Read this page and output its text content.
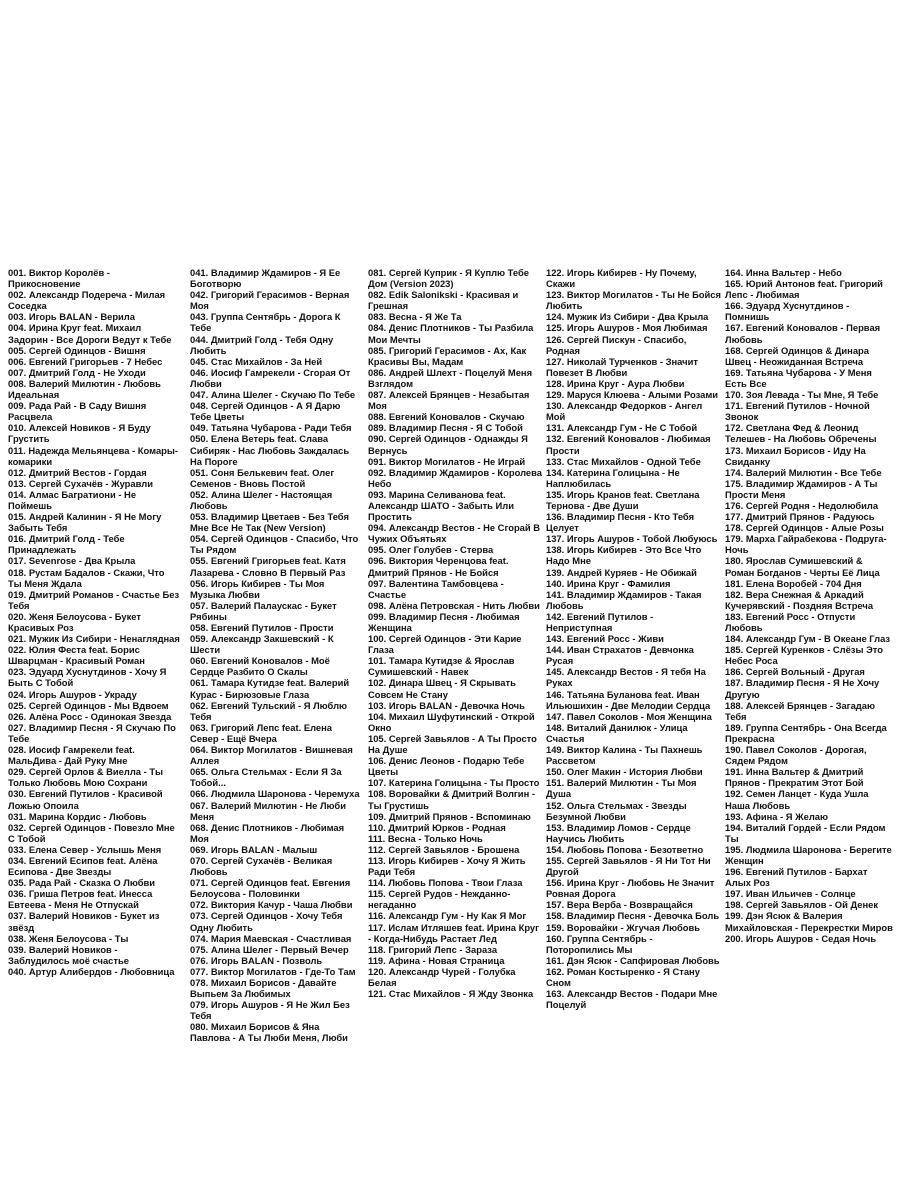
001. Виктор Королёв - Прикосновение

002. Александр Подереча - Милая Соседка

003. Игорь BALAN - Верила

004. Ирина Круг feat. Михаил Задорин - Все Дороги Ведут к Тебе

005. Сергей Одинцов - Вишня

006. Евгений Григорьев - 7 Небес

007. Дмитрий Голд - Не Уходи

008. Валерий Милютин - Любовь Идеальная

009. Рада Рай - В Саду Вишня Расцвела

010. Алексей Новиков - Я Буду Грустить

011. Надежда Мельянцева - Комары-комарики

012. Дмитрий Вестов - Гордая

013. Сергей Сухачёв - Журавли

014. Алмас Багратиони - Не Поймешь

015. Андрей Калинин - Я Не Могу Забыть Тебя

016. Дмитрий Голд - Тебе Принадлежать

017. Sevenrose - Два Крыла

018. Рустам Бадалов - Скажи, Что Ты Меня Ждала

019. Дмитрий Романов - Счастье Без Тебя

020. Женя Белоусова - Букет Красивых Роз

021. Мужик Из Сибири - Ненаглядная

022. Юлия Феста feat. Борис Шварцман - Красивый Роман

023. Эдуард Хуснутдинов - Хочу Я Быть С Тобой

024. Игорь Ашуров - Украду

025. Сергей Одинцов - Мы Вдвоем

026. Алёна Росс - Одинокая Звезда

027. Владимир Песня - Я Скучаю По Тебе

028. Иосиф Гамрекели feat. МальДива - Дай Руку Мне

029. Сергей Орлов & Виелла - Ты Только Любовь Мою Сохрани

030. Евгений Путилов - Красивой Ложью Опоила

031. Марина Кордис - Любовь

032. Сергей Одинцов - Повезло Мне С Тобой

033. Елена Север - Услышь Меня

034. Евгений Есипов feat. Алёна Есипова - Две Звезды

035. Рада Рай - Сказка О Любви

036. Гриша Петров feat. Инесса Евтеева - Меня Не Отпускай

037. Валерий Новиков - Букет из звёзд

038. Женя Белоусова - Ты

039. Валерий Новиков - Заблудилось моё счастье

040. Артур Алибердов - Любовница

041. Владимир Ждамиров - Я Ее Боготворю

042. Григорий Герасимов - Верная Моя

043. Группа Сентябрь - Дорога К Тебе

044. Дмитрий Голд - Тебя Одну Любить

045. Стас Михайлов - За Ней

046. Иосиф Гамрекели - Сгорая От Любви

047. Алина Шелег - Скучаю По Тебе

048. Сергей Одинцов - А Я Дарю Тебе Цветы

049. Татьяна Чубарова - Ради Тебя

050. Елена Ветерь feat. Слава Сибиряк - Нас Любовь Заждалась На Пороге

051. Соня Белькевич feat. Олег Семенов - Вновь Постой

052. Алина Шелег - Настоящая Любовь

053. Владимир Цветаев - Без Тебя Мне Все Не Так (New Version)

054. Сергей Одинцов - Спасибо, Что Ты Рядом

055. Евгений Григорьев feat. Катя Лазарева - Словно В Первый Раз

056. Игорь Кибирев - Ты Моя Музыка Любви

057. Валерий Палаускас - Букет Рябины

058. Евгений Путилов - Прости

059. Александр Закшевский - К Шести

060. Евгений Коновалов - Моё Сердце Разбито О Скалы

061. Тамара Кутидзе feat. Валерий Курас - Бирюзовые Глаза

062. Евгений Тульский - Я Люблю Тебя

063. Григорий Лепс feat. Елена Север - Ещё Вчера

064. Виктор Могилатов - Вишневая Аллея

065. Ольга Стельмах - Если Я За Тобой...

066. Людмила Шаронова - Черемуха

067. Валерий Милютин - Не Люби Меня

068. Денис Плотников - Любимая Моя

069. Игорь BALAN - Малыш

070. Сергей Сухачёв - Великая Любовь

071. Сергей Одинцов feat. Евгения Белоусова - Половинки

072. Виктория Качур - Чаша Любви

073. Сергей Одинцов - Хочу Тебя Одну Любить

074. Мария Маевская - Счастливая

075. Алина Шелег - Первый Вечер

076. Игорь BALAN - Позволь

077. Виктор Могилатов - Где-То Там

078. Михаил Борисов - Давайте Выпьем За Любимых

079. Игорь Ашуров - Я Не Жил Без Тебя

080. Михаил Борисов & Яна Павлова - А Ты Люби Меня, Люби

081. Сергей Куприк - Я Куплю Тебе Дом (Version 2023)

082. Edik Salonikski - Красивая и Грешная

083. Весна - Я Же Та

084. Денис Плотников - Ты Разбила Мои Мечты

085. Григорий Герасимов - Ах, Как Красивы Вы, Мадам

086. Андрей Шлехт - Поцелуй Меня Взглядом

087. Алексей Брянцев - Незабытая Моя

088. Евгений Коновалов - Скучаю

089. Владимир Песня - Я С Тобой

090. Сергей Одинцов - Однажды Я Вернусь

091. Виктор Могилатов - Не Играй

092. Владимир Ждамиров - Королева Небо

093. Марина Селиванова feat. Александр ШАТО - Забыть Или Простить

094. Александр Вестов - Не Сгорай В Чужих Объятьях

095. Олег Голубев - Стерва

096. Виктория Черенцова feat. Дмитрий Прянов - Не Бойся

097. Валентина Тамбовцева - Счастье

098. Алёна Петровская - Нить Любви

099. Владимир Песня - Любимая Женщина

100. Сергей Одинцов - Эти Карие Глаза

101. Тамара Кутидзе & Ярослав Сумишевский - Навек

102. Динара Швец - Я Скрывать Совсем Не Стану

103. Игорь BALAN - Девочка Ночь

104. Михаил Шуфутинский - Открой Окно

105. Сергей Завьялов - А Ты Просто На Душе

106. Денис Леонов - Подарю Тебе Цветы

107. Катерина Голицына - Ты Просто

108. Воровайки & Дмитрий Волгин - Ты Грустишь

109. Дмитрий Прянов - Вспоминаю

110. Дмитрий Юрков - Родная

111. Весна - Только Ночь

112. Сергей Завьялов - Брошена

113. Игорь Кибирев - Хочу Я Жить Ради Тебя

114. Любовь Попова - Твои Глаза

115. Сергей Рудов - Нежданно-негаданно

116. Александр Гум - Ну Как Я Мог

117. Ислам Итляшев feat. Ирина Круг - Когда-Нибудь Растает Лед

118. Григорий Лепс - Зараза

119. Афина - Новая Страница

120. Александр Чурей - Голубка Белая

121. Стас Михайлов - Я Жду Звонка

122. Игорь Кибирев - Ну Почему, Скажи

123. Виктор Могилатов - Ты Не Бойся Любить

124. Мужик Из Сибири - Два Крыла

125. Игорь Ашуров - Моя Любимая

126. Сергей Пискун - Спасибо, Родная

127. Николай Турченков - Значит Повезет В Любви

128. Ирина Круг - Аура Любви

129. Маруся Клюева - Алыми Розами

130. Александр Федорков - Ангел Мой

131. Александр Гум - Не С Тобой

132. Евгений Коновалов - Любимая Прости

133. Стас Михайлов - Одной Тебе

134. Катерина Голицына - Не Наплюбилась

135. Игорь Кранов feat. Светлана Тернова - Две Души

136. Владимир Песня - Кто Тебя Целует

137. Игорь Ашуров - Тобой Любуюсь

138. Игорь Кибирев - Это Все Что Надо Мне

139. Андрей Куряев - Не Обижай

140. Ирина Круг - Фамилия

141. Владимир Ждамиров - Такая Любовь

142. Евгений Путилов - Неприступная

143. Евгений Росс - Живи

144. Иван Страхатов - Девчонка Русая

145. Александр Вестов - Я тебя На Руках

146. Татьяна Буланова feat. Иван Ильюшихин - Две Мелодии Сердца

147. Павел Соколов - Моя Женщина

148. Виталий Данилюк - Улица Счастья

149. Виктор Калина - Ты Пахнешь Рассветом

150. Олег Макин - История Любви

151. Валерий Милютин - Ты Моя Душа

152. Ольга Стельмах - Звезды Безумной Любви

153. Владимир Ломов - Сердце Научись Любить

154. Любовь Попова - Безответно

155. Сергей Завьялов - Я Ни Тот Ни Другой

156. Ирина Круг - Любовь Не Значит Ровная Дорога

157. Вера Верба - Возвращайся

158. Владимир Песня - Девочка Боль

159. Воровайки - Жгучая Любовь

160. Группа Сентябрь - Поторопились Мы

161. Дэн Ясюк - Сапфировая Любовь

162. Роман Костыренко - Я Стану Сном

163. Александр Вестов - Подари Мне Поцелуй

164. Инна Вальтер - Небо

165. Юрий Антонов feat. Григорий Лепс - Любимая

166. Эдуард Хуснутдинов - Помнишь

167. Евгений Коновалов - Первая Любовь

168. Сергей Одинцов & Динара Швец - Неожиданная Встреча

169. Татьяна Чубарова - У Меня Есть Все

170. Зоя Левада - Ты Мне, Я Тебе

171. Евгений Путилов - Ночной Звонок

172. Светлана Фед & Леонид Телешев - На Любовь Обречены

173. Михаил Борисов - Иду На Свиданку

174. Валерий Милютин - Все Тебе

175. Владимир Ждамиров - А Ты Прости Меня

176. Сергей Родня - Недолюбила

177. Дмитрий Прянов - Радуюсь

178. Сергей Одинцов - Алые Розы

179. Марха Гайрабекова - Подруга-Ночь

180. Ярослав Сумишевский & Роман Богданов - Черты Её Лица

181. Елена Воробей - 704 Дня

182. Вера Снежная & Аркадий Кучерявский - Поздняя Встреча

183. Евгений Росс - Отпусти Любовь

184. Александр Гум - В Океане Глаз

185. Сергей Куренков - Слёзы Это Небес Роса

186. Сергей Вольный - Другая

187. Владимир Песня - Я Не Хочу Другую

188. Алексей Брянцев - Загадаю Тебя

189. Группа Сентябрь - Она Всегда Прекрасна

190. Павел Соколов - Дорогая, Сядем Рядом

191. Инна Вальтер & Дмитрий Прянов - Прекратим Этот Бой

192. Семен Ланцет - Куда Ушла Наша Любовь

193. Афина - Я Желаю

194. Виталий Гордей - Если Рядом Ты

195. Людмила Шаронова - Берегите Женщин

196. Евгений Путилов - Бархат Алых Роз

197. Иван Ильичев - Солнце

198. Сергей Завьялов - Ой Денек

199. Дэн Ясюк & Валерия Михайловская - Перекрестки Миров

200. Игорь Ашуров - Седая Ночь
